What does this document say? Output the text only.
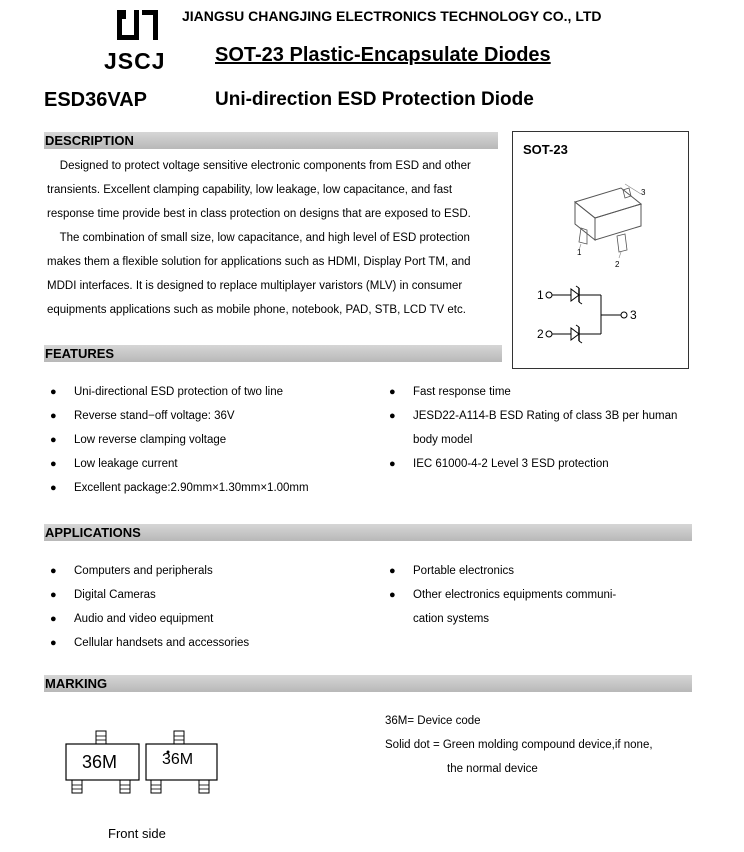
JSCJ
JIANGSU CHANGJING ELECTRONICS TECHNOLOGY CO., LTD
SOT-23 Plastic-Encapsulate Diodes
ESD36VAP	Uni-direction ESD Protection Diode
DESCRIPTION
Designed to protect voltage sensitive electronic components from ESD and other
transients. Excellent clamping capability, low leakage, low capacitance, and fast
response time provide best in class protection on designs that are exposed to ESD.
The combination of small size, low capacitance, and high level of ESD protection
makes them a flexible solution for applications such as HDMI, Display Port TM, and
MDDI interfaces. It is designed to replace multiplayer varistors (MLV) in consumer
equipments applications such as mobile phone, notebook, PAD, STB, LCD TV etc.
SOT-23
3
1
2
1
2
3
FEATURES
● Uni-directional ESD protection of two line
● Reverse stand−off voltage: 36V
● Low reverse clamping voltage
● Low leakage current
● Excellent package:2.90mm×1.30mm×1.00mm
● Fast response time
● JESD22-A114-B ESD Rating of class 3B per human
body model
● IEC 61000-4-2 Level 3 ESD protection
APPLICATIONS
● Computers and peripherals
● Digital Cameras
● Audio and video equipment
● Cellular handsets and accessories
● Portable electronics
● Other electronics equipments communi-
cation systems
MARKING
36M	36M
Front side
36M= Device code
Solid dot = Green molding compound device,if none,
the normal device
